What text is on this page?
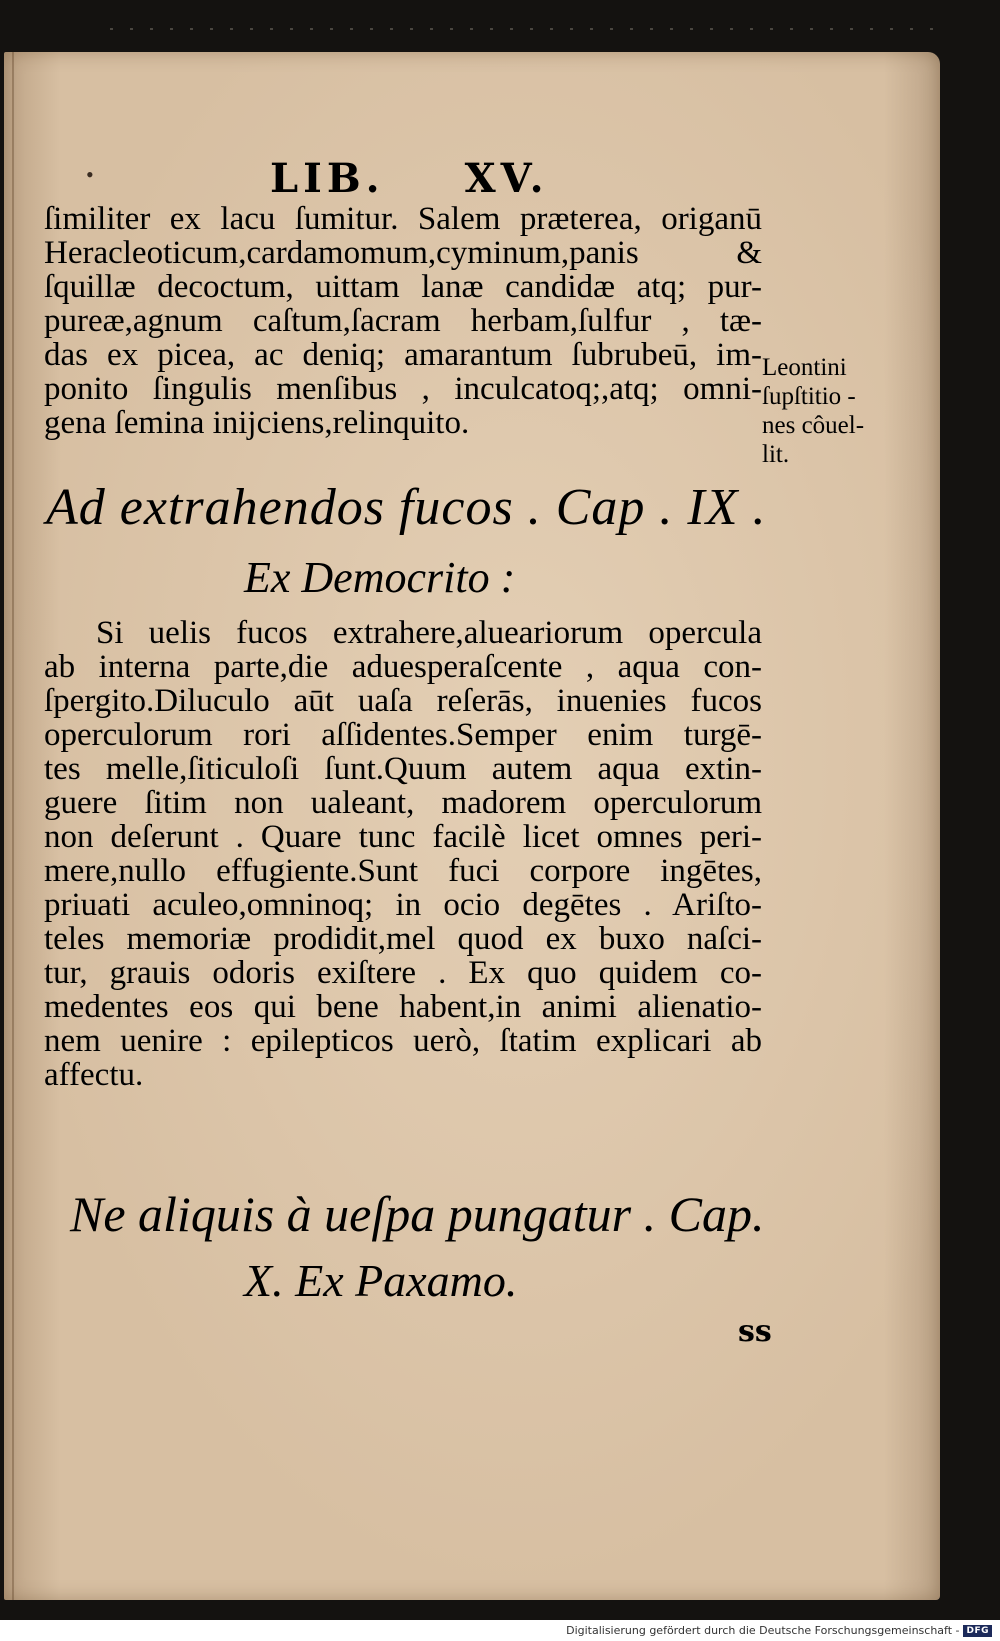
•	LIB. XV.
ſimiliter ex lacu ſumitur. Salem præterea, origanū
Heracleoticum,cardamomum,cyminum,panis &
ſquillæ decoctum, uittam lanæ candidæ atq; pur-
pureæ,agnum caſtum,ſacram herbam,ſulfur , tæ-
das ex picea, ac deniq; amarantum ſubrubeū, im-
ponito ſingulis menſibus , inculcatoq;,atq; omni-
gena ſemina inijciens,relinquito.
Leontini
ſupſtitio -
nes côuel-
lit.
Ad extrahendos fucos . Cap . IX .
Ex Democrito :
Si uelis fucos extrahere,alueariorum opercula
ab interna parte,die aduesperaſcente , aqua con-
ſpergito.Diluculo aūt uaſa reſerās, inuenies fucos
operculorum rori aſſidentes.Semper enim turgē-
tes melle,ſiticuloſi ſunt.Quum autem aqua extin-
guere ſitim non ualeant, madorem operculorum
non deſerunt . Quare tunc facilè licet omnes peri-
mere,nullo effugiente.Sunt fuci corpore ingētes,
priuati aculeo,omninoq; in ocio degētes . Ariſto-
teles memoriæ prodidit,mel quod ex buxo naſci-
tur, grauis odoris exiſtere . Ex quo quidem co-
medentes eos qui bene habent,in animi alienatio-
nem uenire : epilepticos uerò, ſtatim explicari ab
affectu.
Ne aliquis à ueſpa pungatur . Cap.
X. Ex Paxamo.
ss
Digitalisierung gefördert durch die Deutsche Forschungsgemeinschaft - DFG
